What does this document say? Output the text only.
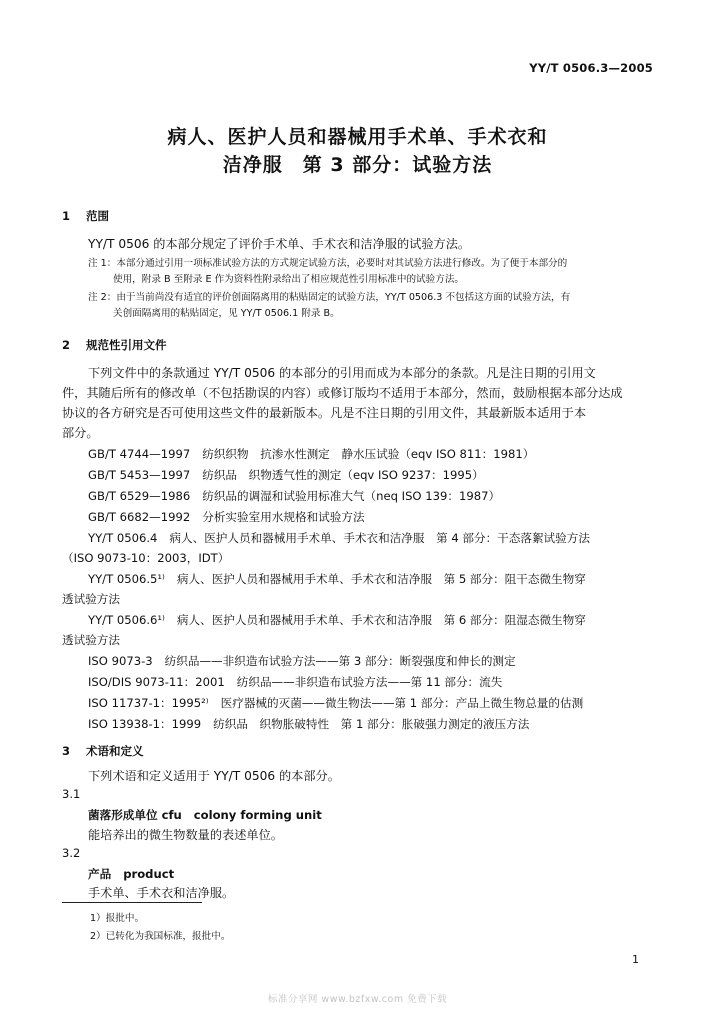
YY/T 0506.3—2005
病人、医护人员和器械用手术单、手术衣和
洁净服　第 3 部分：试验方法
1 范围
YY/T 0506 的本部分规定了评价手术单、手术衣和洁净服的试验方法。
注 1：本部分通过引用一项标准试验方法的方式规定试验方法，必要时对其试验方法进行修改。为了便于本部分的
使用，附录 B 至附录 E 作为资料性附录给出了相应规范性引用标准中的试验方法。
注 2：由于当前尚没有适宜的评价创面隔离用的粘贴固定的试验方法，YY/T 0506.3 不包括这方面的试验方法，有
关创面隔离用的粘贴固定，见 YY/T 0506.1 附录 B。
2 规范性引用文件
下列文件中的条款通过 YY/T 0506 的本部分的引用而成为本部分的条款。凡是注日期的引用文
件，其随后所有的修改单（不包括勘误的内容）或修订版均不适用于本部分，然而，鼓励根据本部分达成
协议的各方研究是否可使用这些文件的最新版本。凡是不注日期的引用文件，其最新版本适用于本
部分。
GB/T 4744—1997 纺织织物　抗渗水性测定　静水压试验（eqv ISO 811：1981）
GB/T 5453—1997 纺织品　织物透气性的测定（eqv ISO 9237：1995）
GB/T 6529—1986 纺织品的调湿和试验用标准大气（neq ISO 139：1987）
GB/T 6682—1992 分析实验室用水规格和试验方法
YY/T 0506.4 病人、医护人员和器械用手术单、手术衣和洁净服　第 4 部分：干态落絮试验方法
（ISO 9073-10：2003，IDT）
YY/T 0506.5¹⁾ 病人、医护人员和器械用手术单、手术衣和洁净服　第 5 部分：阻干态微生物穿
透试验方法
YY/T 0506.6¹⁾ 病人、医护人员和器械用手术单、手术衣和洁净服　第 6 部分：阻湿态微生物穿
透试验方法
ISO 9073-3 纺织品——非织造布试验方法——第 3 部分：断裂强度和伸长的测定
ISO/DIS 9073-11：2001 纺织品——非织造布试验方法——第 11 部分：流失
ISO 11737-1：1995²⁾ 医疗器械的灭菌——微生物法——第 1 部分：产品上微生物总量的估测
ISO 13938-1：1999 纺织品　织物胀破特性　第 1 部分：胀破强力测定的液压方法
3 术语和定义
下列术语和定义适用于 YY/T 0506 的本部分。
3.1
菌落形成单位 cfu colony forming unit
能培养出的微生物数量的表述单位。
3.2
产品 product
手术单、手术衣和洁净服。
1）报批中。
2）已转化为我国标准，报批中。
1
标准分享网 www.bzfxw.com 免费下载
